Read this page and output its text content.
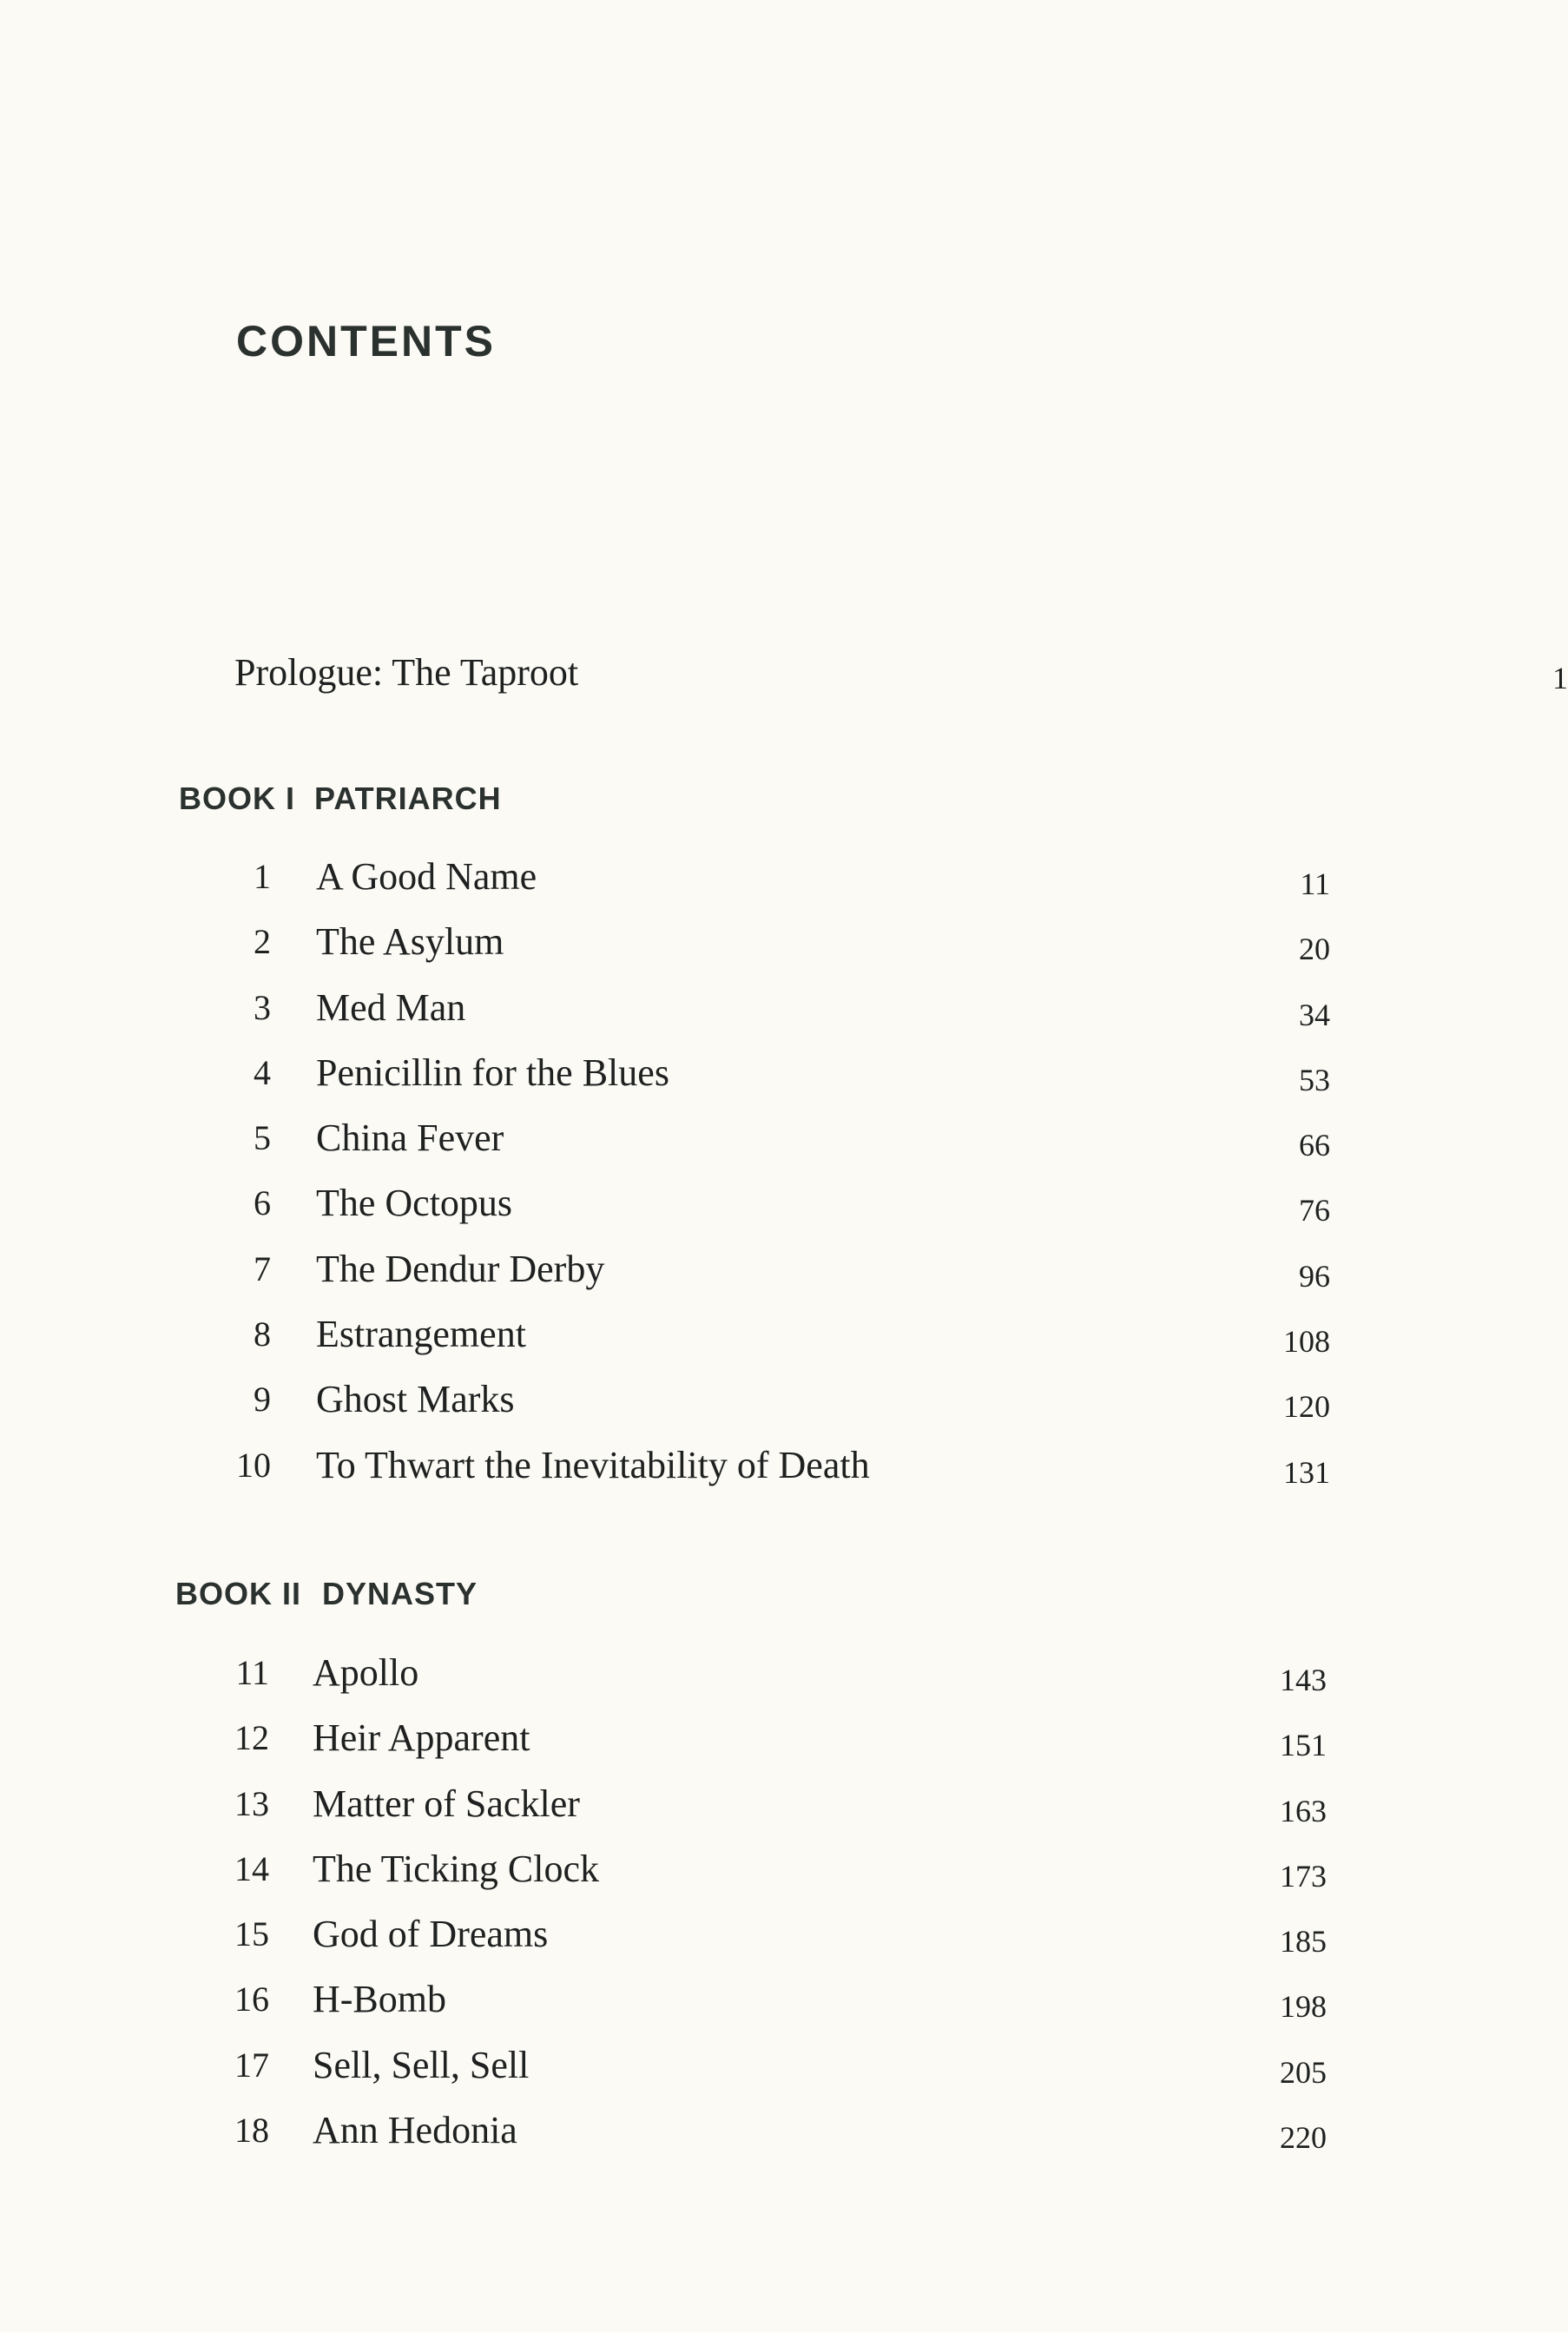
CONTENTS
Prologue: The Taproot	1
BOOK I PATRIARCH
1 A Good Name	11
2 The Asylum	20
3 Med Man	34
4 Penicillin for the Blues	53
5 China Fever	66
6 The Octopus	76
7 The Dendur Derby	96
8 Estrangement	108
9 Ghost Marks	120
10 To Thwart the Inevitability of Death	131
BOOK II DYNASTY
11 Apollo	143
12 Heir Apparent	151
13 Matter of Sackler	163
14 The Ticking Clock	173
15 God of Dreams	185
16 H-Bomb	198
17 Sell, Sell, Sell	205
18 Ann Hedonia	220
